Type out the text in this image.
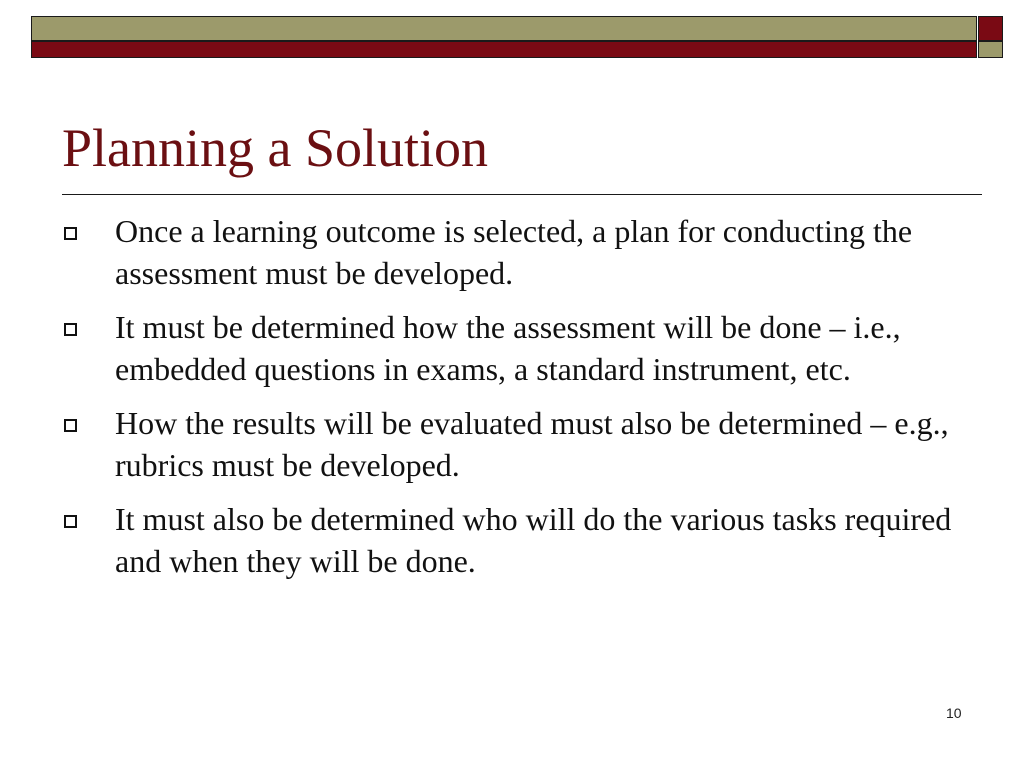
Planning a Solution
Once a learning outcome is selected, a plan for conducting the assessment must be developed.
It must be determined how the assessment will be done – i.e., embedded questions in exams, a standard instrument, etc.
How the results will be evaluated must also be determined – e.g., rubrics must be developed.
It must also be determined who will do the various tasks required and when they will be done.
10
